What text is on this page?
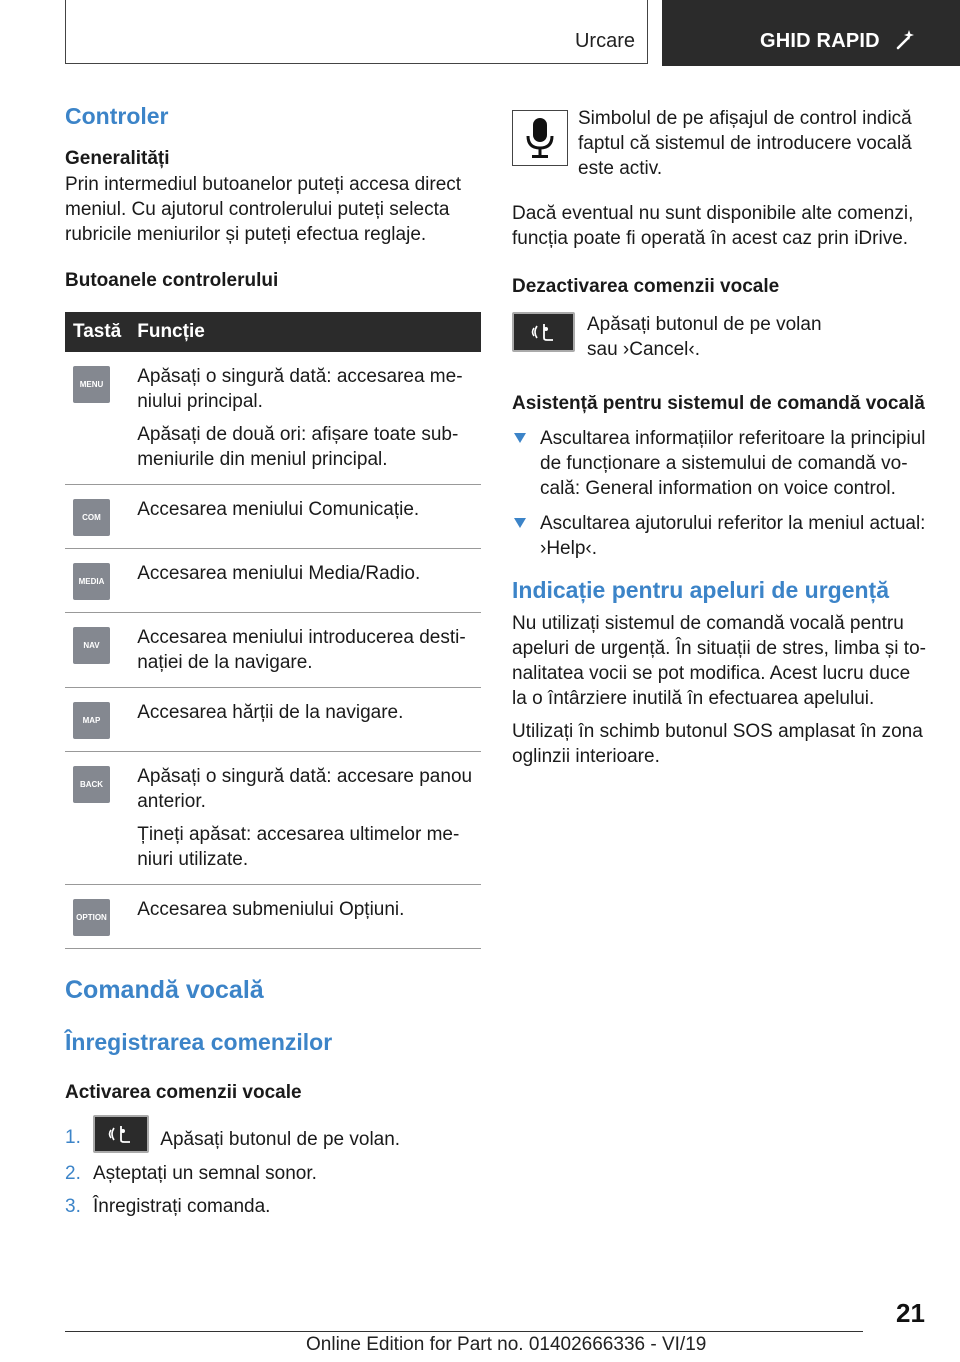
Urcare	GHID RAPID
Controler
Generalități

Prin intermediul butoanelor puteți accesa direct meniul. Cu ajutorul controlerului puteți selecta rubricile meniurilor și puteți efectua reglaje.

Butoanele controlerului
Tastă	Funcție

MENU	Apăsați o singură dată: accesarea meniului principal.

Apăsați de două ori: afișare toate submeniurile din meniul principal.

COM	Accesarea meniului Comunicație.

MEDIA	Accesarea meniului Media/Radio.

NAV	Accesarea meniului introducerea destinației de la navigare.

MAP	Accesarea hărții de la navigare.

BACK	Apăsați o singură dată: accesare panou anterior.

Țineți apăsat: accesarea ultimelor meniuri utilizate.

OPTION	Accesarea submeniului Opțiuni.

Comandă vocală
Înregistrarea comenzilor
Activarea comenzii vocale
1.	Apăsați butonul de pe volan.
2. Așteptați un semnal sonor.
3. Înregistrați comanda.

Simbolul de pe afișajul de control indică faptul că sistemul de introducere vocală este activ.

Dacă eventual nu sunt disponibile alte comenzi, funcția poate fi operată în acest caz prin iDrive.

Dezactivarea comenzii vocale

Apăsați butonul de pe volan

sau ›Cancel‹.

Asistență pentru sistemul de comandă vocală
Ascultarea informațiilor referitoare la principiul de funcționare a sistemului de comandă vocală: General information on voice control.
Ascultarea ajutorului referitor la meniul actual: ›Help‹.
Indicație pentru apeluri de urgență

Nu utilizați sistemul de comandă vocală pentru apeluri de urgență. În situații de stres, limba și tonalitatea vocii se pot modifica. Acest lucru duce la o întârziere inutilă în efectuarea apelului.

Utilizați în schimb butonul SOS amplasat în zona oglinzii interioare.

21
Online Edition for Part no. 01402666336 - VI/19
